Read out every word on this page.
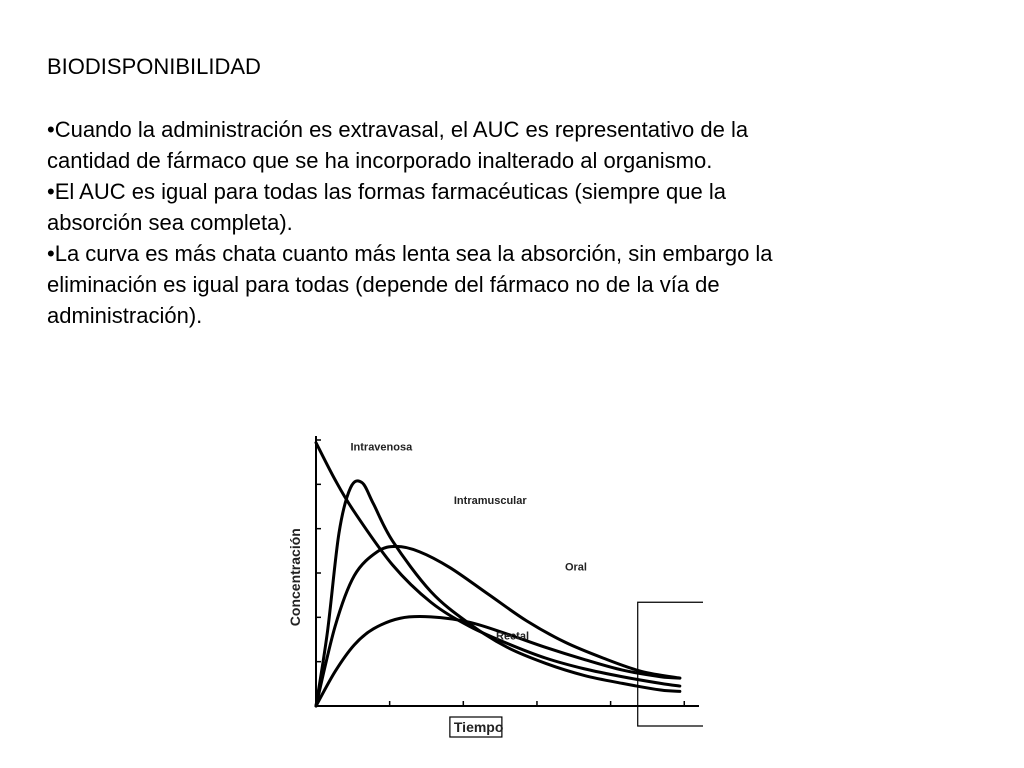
BIODISPONIBILIDAD

•Cuando la administración es extravasal, el AUC es representativo de la cantidad de fármaco que se ha incorporado inalterado al organismo.

•El AUC es igual para todas las formas farmacéuticas (siempre que la absorción sea completa).

•La curva es más chata cuanto más lenta sea la absorción, sin embargo la eliminación es igual para todas (depende del fármaco no de la vía de administración).

Intravenosa
Intramuscular
Oral
Rectal
Tiempo
Concentración
